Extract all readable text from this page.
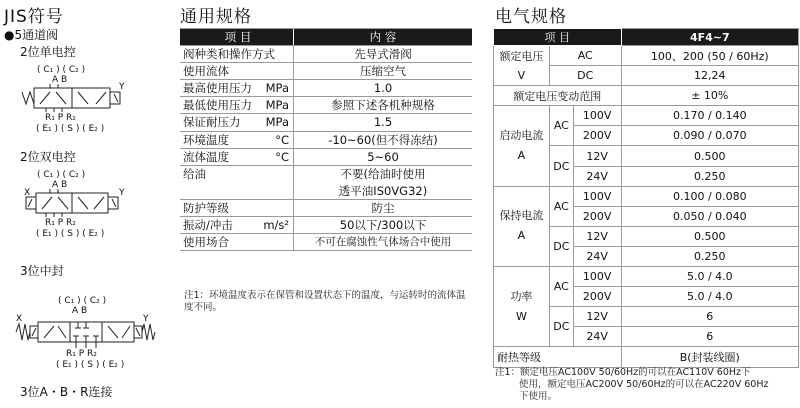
JIS符号
●5通道阀
2位单电控
( C₁ ) ( C₂ )
A B
Y
R₁ P R₂
( E₁ ) ( S ) ( E₂ )
2位双电控
( C₁ ) ( C₂ )
A B
X	Y
R₁ P R₂
( E₁ ) ( S ) ( E₂ )
3位中封
( C₁ ) ( C₂ )
A B
X	Y
R₁ P R₂
( E₁ ) ( S ) ( E₂ )
3位A・B・R连接
通用规格
项 目	内 容
阀种类和操作方式	先导式滑阀
使用流体	压缩空气
最高使用压力 MPa	1.0
最低使用压力 MPa	参照下述各机种规格
保证耐压力 MPa	1.5
环境温度	°C	-10~60(但不得冻结)
流体温度	°C	5~60
给油	不要(给油时使用
透平油IS0VG32)
防护等级	防尘
振动/冲击	m/s²	50以下/300以下
使用场合	不可在腐蚀性气体场合中使用
注1：环境温度表示在保管和设置状态下的温度，与运转时的流体温度不同。
电气规格
项 目			4F4~7
额定电压
V	AC		100、200 (50 / 60Hz)
	DC		12,24
额定电压变动范围			± 10%
启动电流
A	AC	100V	0.170 / 0.140
		200V	0.090 / 0.070
	DC	12V	0.500
		24V	0.250
保持电流
A	AC	100V	0.100 / 0.080
		200V	0.050 / 0.040
	DC	12V	0.500
		24V	0.250
功率
W	AC	100V	5.0 / 4.0
		200V	5.0 / 4.0
	DC	12V	6
		24V	6
耐热等级			B(封装线圈)
注1：额定电压AC100V 50/60Hz的可以在AC110V 60Hz下
使用，额定电压AC200V 50/60Hz的可以在AC220V 60Hz
下使用。
